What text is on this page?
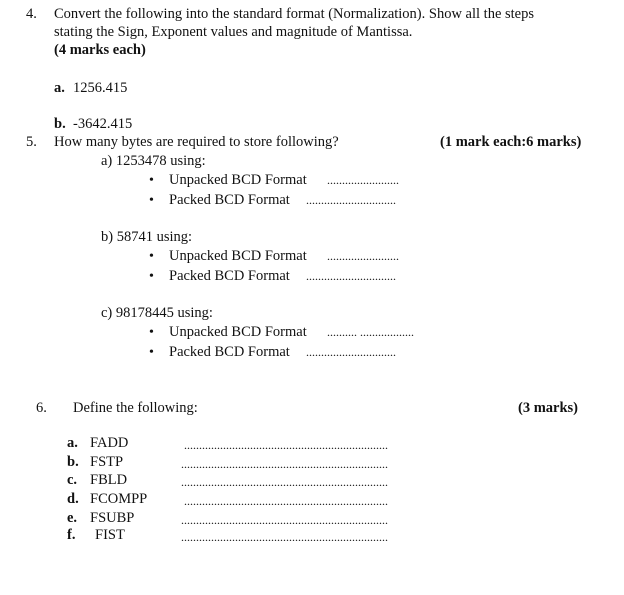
4. Convert the following into the standard format (Normalization). Show all the steps
stating the Sign, Exponent values and magnitude of Mantissa.
(4 marks each)
a. 1256.415
b. -3642.415
5. How many bytes are required to store following?	(1 mark each:6 marks)
a) 1253478 using:
• Unpacked BCD Format ........................
• Packed BCD Format ..............................
b) 58741 using:
• Unpacked BCD Format ........................
• Packed BCD Format ..............................
c) 98178445 using:
• Unpacked BCD Format .......... ..................
• Packed BCD Format ..............................
6. Define the following:	(3 marks)
a. FADD	....................................................................
b. FSTP	.....................................................................
c. FBLD	.....................................................................
d. FCOMPP	....................................................................
e. FSUBP	.....................................................................
f. FIST	.....................................................................
